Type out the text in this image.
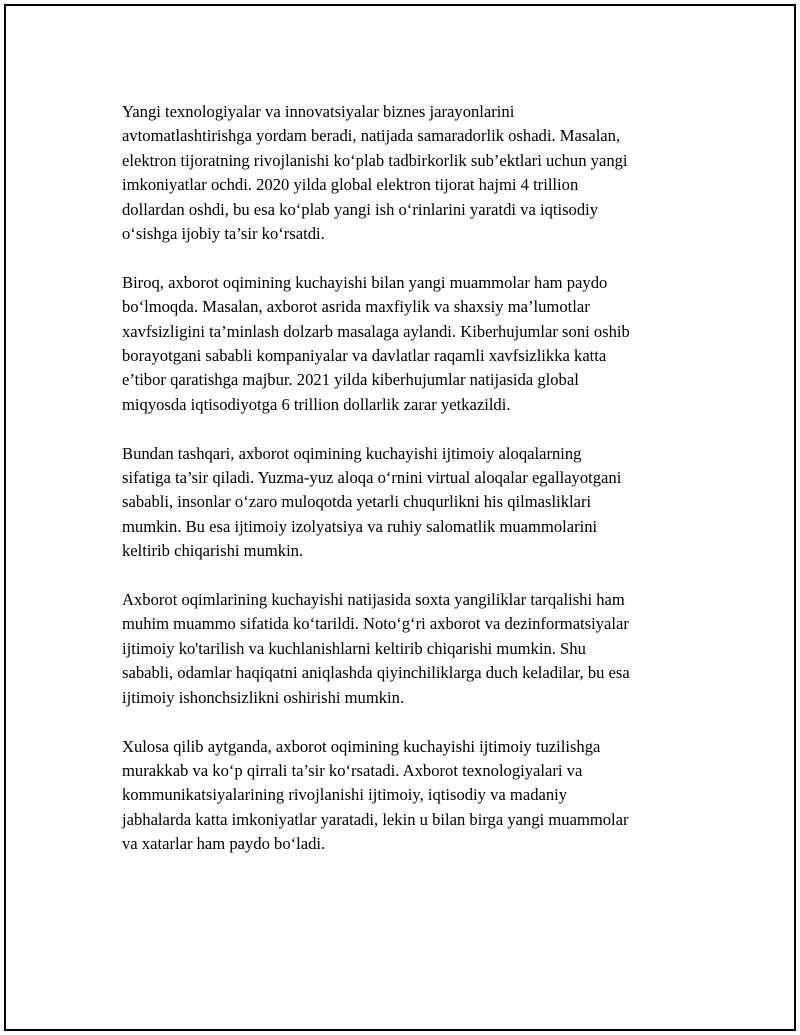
Yangi texnologiyalar va innovatsiyalar biznes jarayonlarini
avtomatlashtirishga yordam beradi, natijada samaradorlik oshadi. Masalan,
elektron tijoratning rivojlanishi ko‘plab tadbirkorlik sub’ektlari uchun yangi
imkoniyatlar ochdi. 2020 yilda global elektron tijorat hajmi 4 trillion
dollardan oshdi, bu esa ko‘plab yangi ish o‘rinlarini yaratdi va iqtisodiy
o‘sishga ijobiy ta’sir ko‘rsatdi.

Biroq, axborot oqimining kuchayishi bilan yangi muammolar ham paydo
bo‘lmoqda. Masalan, axborot asrida maxfiylik va shaxsiy ma’lumotlar
xavfsizligini ta’minlash dolzarb masalaga aylandi. Kiberhujumlar soni oshib
borayotgani sababli kompaniyalar va davlatlar raqamli xavfsizlikka katta
e’tibor qaratishga majbur. 2021 yilda kiberhujumlar natijasida global
miqyosda iqtisodiyotga 6 trillion dollarlik zarar yetkazildi.

Bundan tashqari, axborot oqimining kuchayishi ijtimoiy aloqalarning
sifatiga ta’sir qiladi. Yuzma-yuz aloqa o‘rnini virtual aloqalar egallayotgani
sababli, insonlar o‘zaro muloqotda yetarli chuqurlikni his qilmasliklari
mumkin. Bu esa ijtimoiy izolyatsiya va ruhiy salomatlik muammolarini
keltirib chiqarishi mumkin.

Axborot oqimlarining kuchayishi natijasida soxta yangiliklar tarqalishi ham
muhim muammo sifatida ko‘tarildi. Noto‘g‘ri axborot va dezinformatsiyalar
ijtimoiy ko'tarilish va kuchlanishlarni keltirib chiqarishi mumkin. Shu
sababli, odamlar haqiqatni aniqlashda qiyinchiliklarga duch keladilar, bu esa
ijtimoiy ishonchsizlikni oshirishi mumkin.

Xulosa qilib aytganda, axborot oqimining kuchayishi ijtimoiy tuzilishga
murakkab va ko‘p qirrali ta’sir ko‘rsatadi. Axborot texnologiyalari va
kommunikatsiyalarining rivojlanishi ijtimoiy, iqtisodiy va madaniy
jabhalarda katta imkoniyatlar yaratadi, lekin u bilan birga yangi muammolar
va xatarlar ham paydo bo‘ladi.
